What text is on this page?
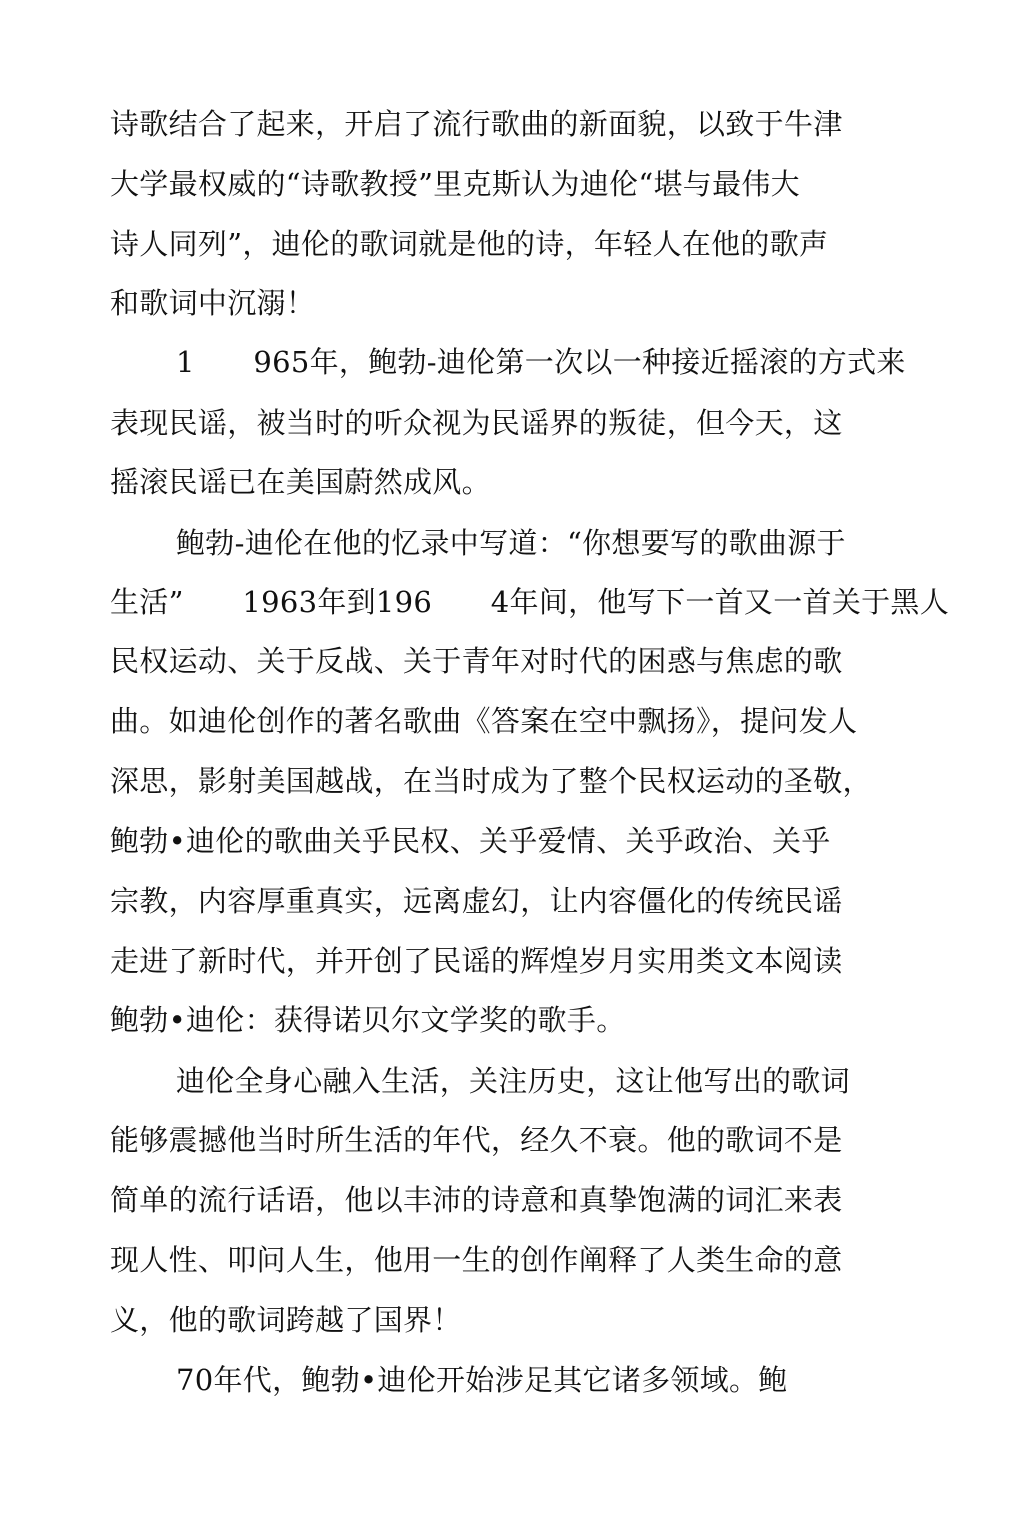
诗歌结合了起来，开启了流行歌曲的新面貌，以致于牛津
大学最权威的“诗歌教授”里克斯认为迪伦“堪与最伟大
诗人同列”，迪伦的歌词就是他的诗，年轻人在他的歌声
和歌词中沉溺！
1　　965年，鲍勃-迪伦第一次以一种接近摇滚的方式来
表现民谣，被当时的听众视为民谣界的叛徒，但今天，这
摇滚民谣已在美国蔚然成风。
鲍勃-迪伦在他的忆录中写道：“你想要写的歌曲源于
生活”　　1963年到196　　4年间，他写下一首又一首关于黑人
民权运动、关于反战、关于青年对时代的困惑与焦虑的歌
曲。如迪伦创作的著名歌曲《答案在空中飘扬》，提问发人
深思，影射美国越战，在当时成为了整个民权运动的圣敬，
鲍勃•迪伦的歌曲关乎民权、关乎爱情、关乎政治、关乎
宗教，内容厚重真实，远离虚幻，让内容僵化的传统民谣
走进了新时代，并开创了民谣的辉煌岁月实用类文本阅读
鲍勃•迪伦：获得诺贝尔文学奖的歌手。
迪伦全身心融入生活，关注历史，这让他写出的歌词
能够震撼他当时所生活的年代，经久不衰。他的歌词不是
简单的流行话语，他以丰沛的诗意和真挚饱满的词汇来表
现人性、叩问人生，他用一生的创作阐释了人类生命的意
义，他的歌词跨越了国界！
70年代，鲍勃•迪伦开始涉足其它诸多领域。鲍
